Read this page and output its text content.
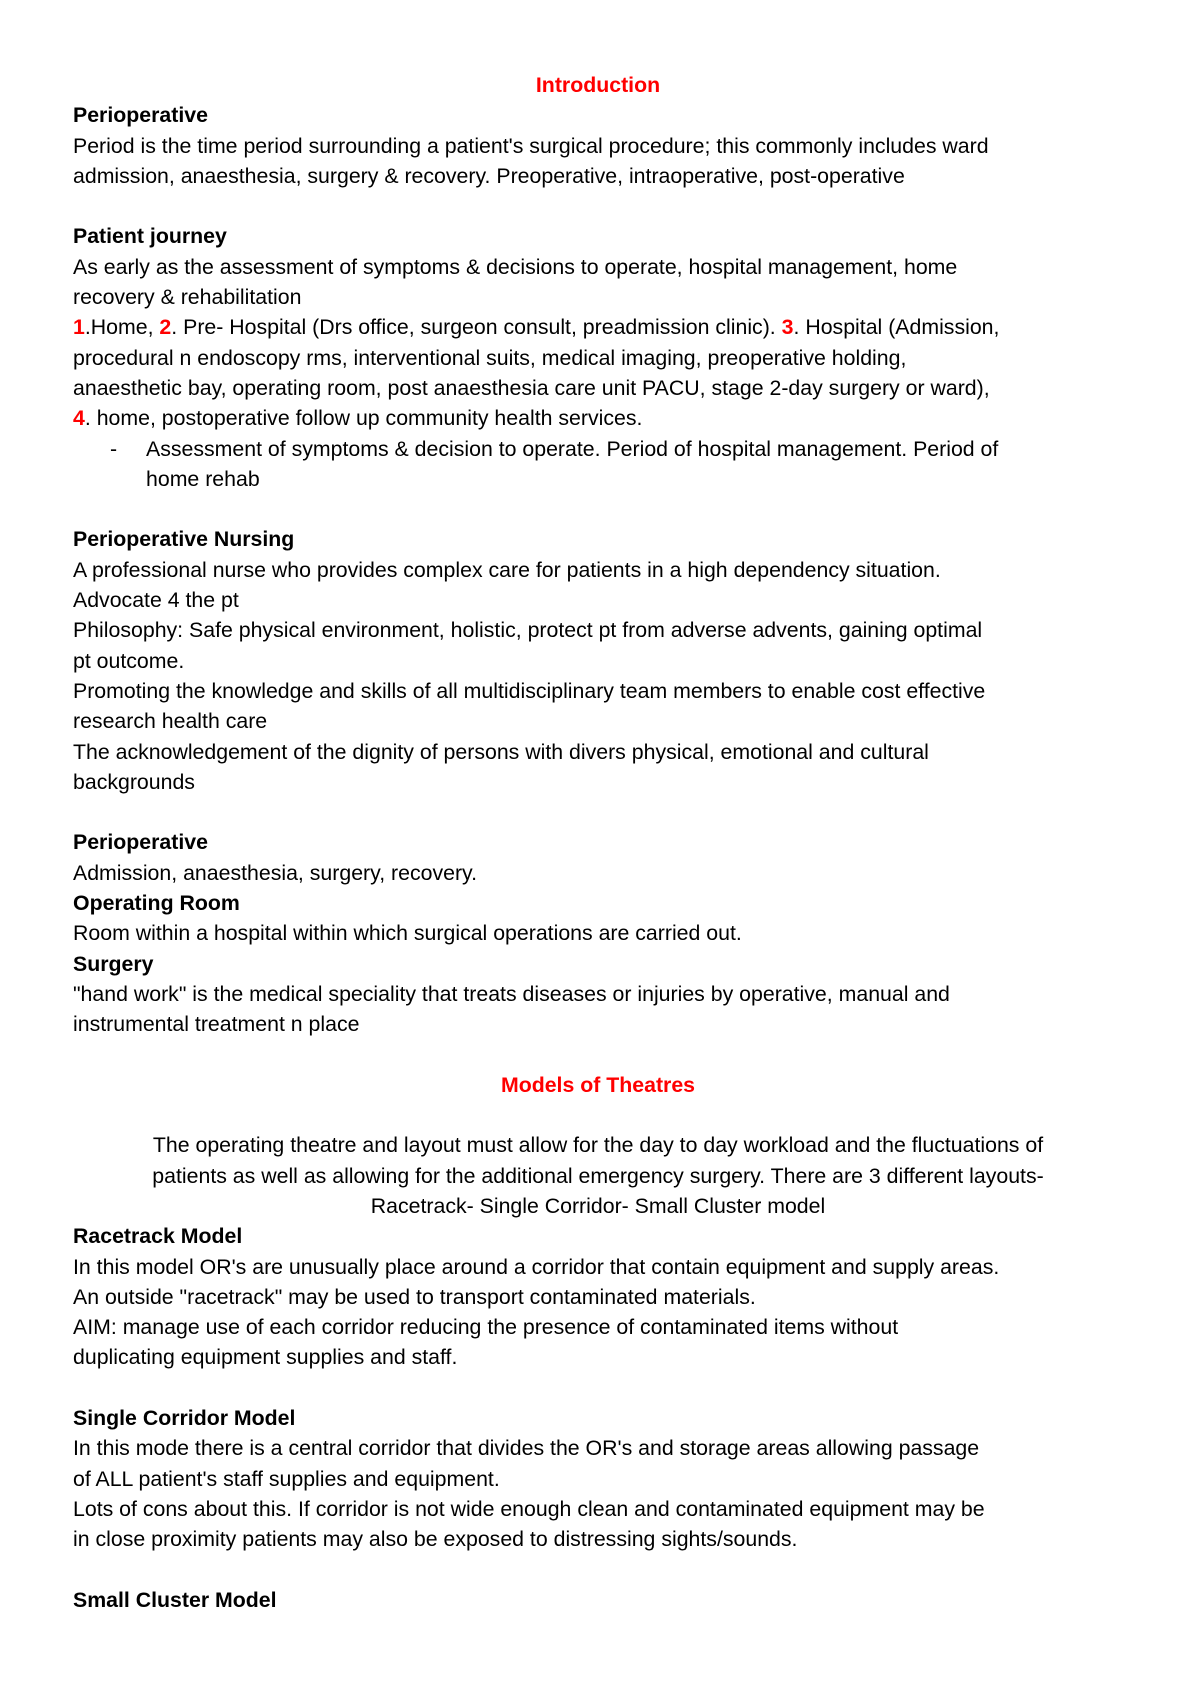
Introduction
Perioperative
Period is the time period surrounding a patient's surgical procedure; this commonly includes ward
admission, anaesthesia, surgery & recovery. Preoperative, intraoperative, post-operative
Patient journey
As early as the assessment of symptoms & decisions to operate, hospital management, home
recovery & rehabilitation
1.Home, 2. Pre- Hospital (Drs office, surgeon consult, preadmission clinic). 3. Hospital (Admission,
procedural n endoscopy rms, interventional suits, medical imaging, preoperative holding,
anaesthetic bay, operating room, post anaesthesia care unit PACU, stage 2-day surgery or ward),
4. home, postoperative follow up community health services.
-	Assessment of symptoms & decision to operate. Period of hospital management. Period of
home rehab
Perioperative Nursing
A professional nurse who provides complex care for patients in a high dependency situation.
Advocate 4 the pt
Philosophy: Safe physical environment, holistic, protect pt from adverse advents, gaining optimal
pt outcome.
Promoting the knowledge and skills of all multidisciplinary team members to enable cost effective
research health care
The acknowledgement of the dignity of persons with divers physical, emotional and cultural
backgrounds
Perioperative
Admission, anaesthesia, surgery, recovery.
Operating Room
Room within a hospital within which surgical operations are carried out.
Surgery
"hand work" is the medical speciality that treats diseases or injuries by operative, manual and
instrumental treatment n place
Models of Theatres
The operating theatre and layout must allow for the day to day workload and the fluctuations of
patients as well as allowing for the additional emergency surgery. There are 3 different layouts-
Racetrack- Single Corridor- Small Cluster model
Racetrack Model
In this model OR's are unusually place around a corridor that contain equipment and supply areas.
An outside "racetrack" may be used to transport contaminated materials.
AIM: manage use of each corridor reducing the presence of contaminated items without
duplicating equipment supplies and staff.
Single Corridor Model
In this mode there is a central corridor that divides the OR's and storage areas allowing passage
of ALL patient's staff supplies and equipment.
Lots of cons about this. If corridor is not wide enough clean and contaminated equipment may be
in close proximity patients may also be exposed to distressing sights/sounds.
Small Cluster Model
